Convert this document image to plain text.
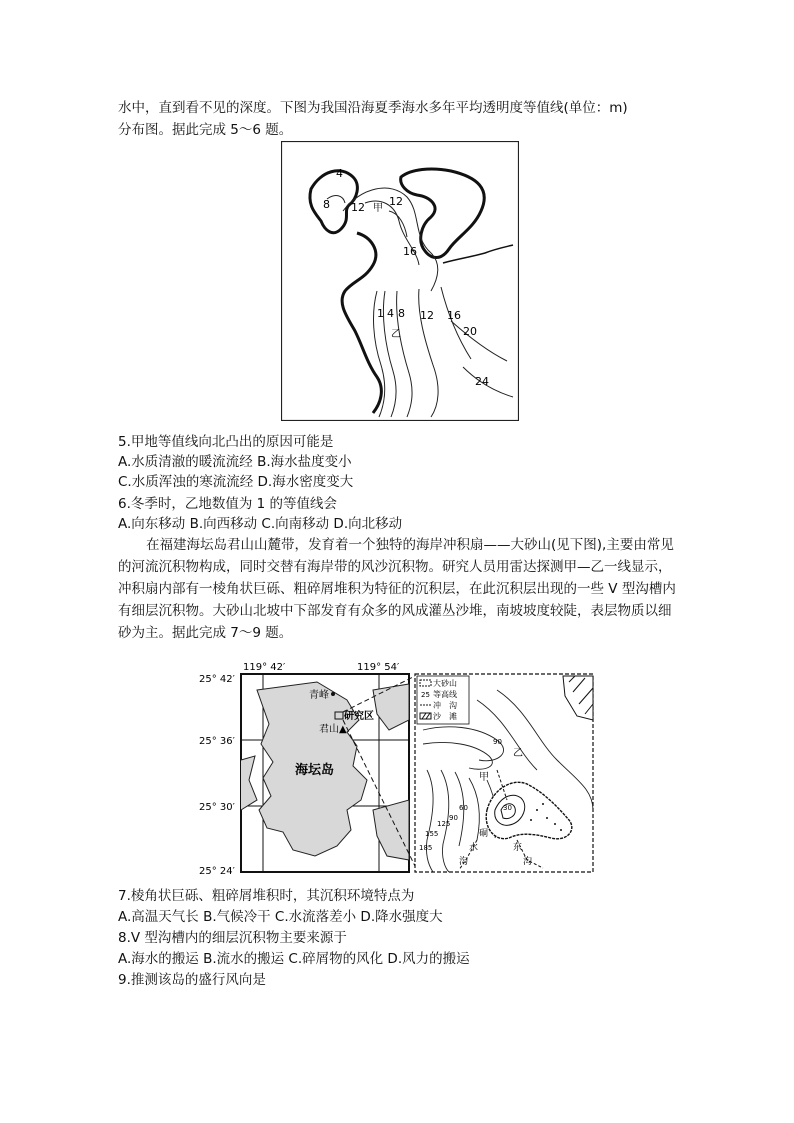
水中，直到看不见的深度。下图为我国沿海夏季海水多年平均透明度等值线(单位：m)
分布图。据此完成 5～6 题。
4
8 12 甲
12
16
1 4 8 12 16
20
24
乙
5.甲地等值线向北凸出的原因可能是
A.水质清澈的暖流流经 B.海水盐度变小
C.水质浑浊的寒流流经 D.海水密度变大
6.冬季时，乙地数值为 1 的等值线会
A.向东移动 B.向西移动 C.向南移动 D.向北移动
在福建海坛岛君山山麓带，发育着一个独特的海岸冲积扇——大砂山(见下图),主要由常见的河流沉积物构成，同时交替有海岸带的风沙沉积物。研究人员用雷达探测甲—乙一线显示，冲积扇内部有一棱角状巨砾、粗碎屑堆积为特征的沉积层，在此沉积层出现的一些 V 型沟槽内有细层沉积物。大砂山北坡中下部发育有众多的风成灌丛沙堆，南坡坡度较陡，表层物质以细砂为主。据此完成 7～9 题。
119° 42′	119° 54′
25° 42′
25° 36′
25° 30′
25° 24′
青峰
研究区
君山▲
海坛岛
大砂山
25 等高线
冲　沟
沙　滩
乙
甲
硐
东
沟
沟
水
30
60
90
125
155
185
90
7.棱角状巨砾、粗碎屑堆积时，其沉积环境特点为
A.高温天气长 B.气候冷干 C.水流落差小 D.降水强度大
8.V 型沟槽内的细层沉积物主要来源于
A.海水的搬运 B.流水的搬运 C.碎屑物的风化 D.风力的搬运
9.推测该岛的盛行风向是
